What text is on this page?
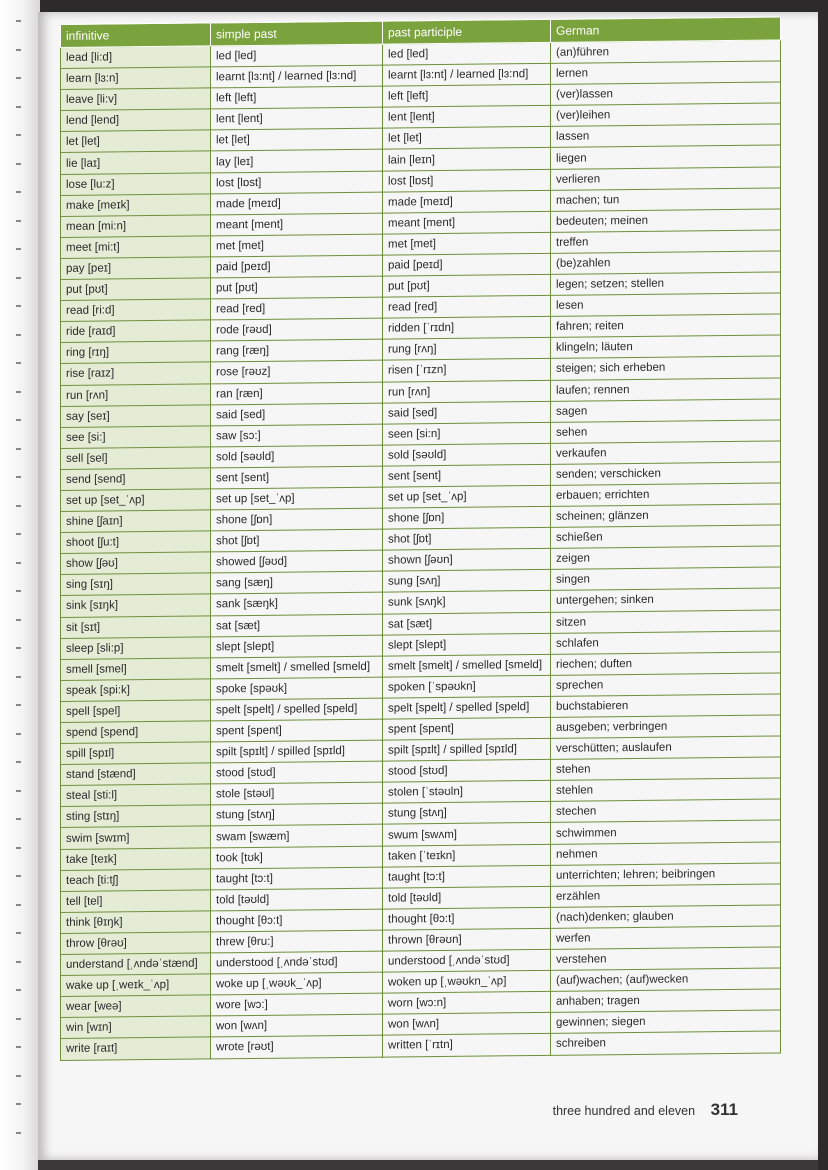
infinitive	simple past	past participle	German
lead [li:d]	led [led]	led [led]	(an)führen
learn [lɜ:n]	learnt [lɜ:nt] / learned [lɜ:nd]	learnt [lɜ:nt] / learned [lɜ:nd]	lernen
leave [li:v]	left [left]	left [left]	(ver)lassen
lend [lend]	lent [lent]	lent [lent]	(ver)leihen
let [let]	let [let]	let [let]	lassen
lie [laɪ]	lay [leɪ]	lain [leɪn]	liegen
lose [lu:z]	lost [lɒst]	lost [lɒst]	verlieren
make [meɪk]	made [meɪd]	made [meɪd]	machen; tun
mean [mi:n]	meant [ment]	meant [ment]	bedeuten; meinen
meet [mi:t]	met [met]	met [met]	treffen
pay [peɪ]	paid [peɪd]	paid [peɪd]	(be)zahlen
put [pʊt]	put [pʊt]	put [pʊt]	legen; setzen; stellen
read [ri:d]	read [red]	read [red]	lesen
ride [raɪd]	rode [rəʊd]	ridden [ˈrɪdn]	fahren; reiten
ring [rɪŋ]	rang [ræŋ]	rung [rʌŋ]	klingeln; läuten
rise [raɪz]	rose [rəʊz]	risen [ˈrɪzn]	steigen; sich erheben
run [rʌn]	ran [ræn]	run [rʌn]	laufen; rennen
say [seɪ]	said [sed]	said [sed]	sagen
see [si:]	saw [sɔ:]	seen [si:n]	sehen
sell [sel]	sold [səʊld]	sold [səʊld]	verkaufen
send [send]	sent [sent]	sent [sent]	senden; verschicken
set up [set_ˈʌp]	set up [set_ˈʌp]	set up [set_ˈʌp]	erbauen; errichten
shine [ʃaɪn]	shone [ʃɒn]	shone [ʃɒn]	scheinen; glänzen
shoot [ʃu:t]	shot [ʃɒt]	shot [ʃɒt]	schießen
show [ʃəʊ]	showed [ʃəʊd]	shown [ʃəʊn]	zeigen
sing [sɪŋ]	sang [sæŋ]	sung [sʌŋ]	singen
sink [sɪŋk]	sank [sæŋk]	sunk [sʌŋk]	untergehen; sinken
sit [sɪt]	sat [sæt]	sat [sæt]	sitzen
sleep [sli:p]	slept [slept]	slept [slept]	schlafen
smell [smel]	smelt [smelt] / smelled [smeld]	smelt [smelt] / smelled [smeld]	riechen; duften
speak [spi:k]	spoke [spəʊk]	spoken [ˈspəʊkn]	sprechen
spell [spel]	spelt [spelt] / spelled [speld]	spelt [spelt] / spelled [speld]	buchstabieren
spend [spend]	spent [spent]	spent [spent]	ausgeben; verbringen
spill [spɪl]	spilt [spɪlt] / spilled [spɪld]	spilt [spɪlt] / spilled [spɪld]	verschütten; auslaufen
stand [stænd]	stood [stʊd]	stood [stʊd]	stehen
steal [sti:l]	stole [stəʊl]	stolen [ˈstəʊln]	stehlen
sting [stɪŋ]	stung [stʌŋ]	stung [stʌŋ]	stechen
swim [swɪm]	swam [swæm]	swum [swʌm]	schwimmen
take [teɪk]	took [tʊk]	taken [ˈteɪkn]	nehmen
teach [ti:tʃ]	taught [tɔ:t]	taught [tɔ:t]	unterrichten; lehren; beibringen
tell [tel]	told [təʊld]	told [təʊld]	erzählen
think [θɪŋk]	thought [θɔ:t]	thought [θɔ:t]	(nach)denken; glauben
throw [θrəʊ]	threw [θru:]	thrown [θrəʊn]	werfen
understand [ˌʌndəˈstænd]	understood [ˌʌndəˈstʊd]	understood [ˌʌndəˈstʊd]	verstehen
wake up [ˌweɪk_ˈʌp]	woke up [ˌwəʊk_ˈʌp]	woken up [ˌwəʊkn_ˈʌp]	(auf)wachen; (auf)wecken
wear [weə]	wore [wɔ:]	worn [wɔ:n]	anhaben; tragen
win [wɪn]	won [wʌn]	won [wʌn]	gewinnen; siegen
write [raɪt]	wrote [rəʊt]	written [ˈrɪtn]	schreiben
three hundred and eleven 311
